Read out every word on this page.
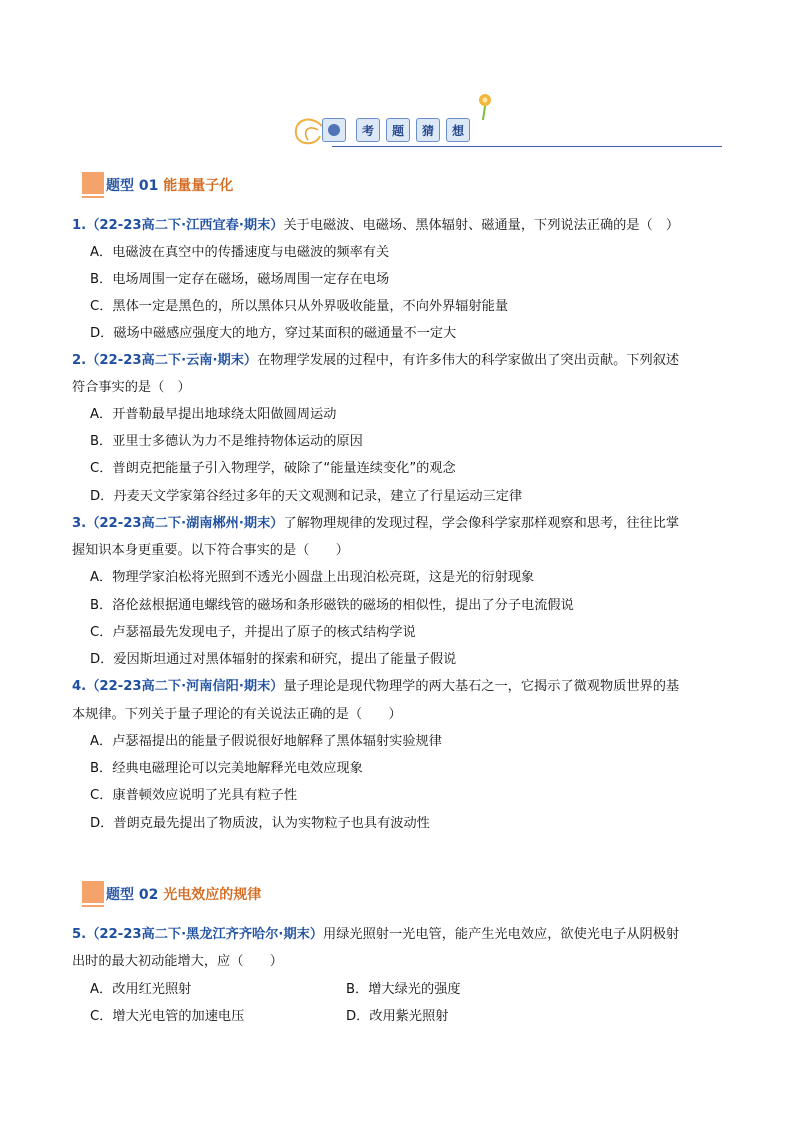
考	题	猜	想
题型 01 能量量子化
1.（22-23高二下·江西宜春·期末）关于电磁波、电磁场、黑体辐射、磁通量，下列说法正确的是（　）
A．电磁波在真空中的传播速度与电磁波的频率有关
B．电场周围一定存在磁场，磁场周围一定存在电场
C．黑体一定是黑色的，所以黑体只从外界吸收能量，不向外界辐射能量
D．磁场中磁感应强度大的地方，穿过某面积的磁通量不一定大
2.（22-23高二下·云南·期末）在物理学发展的过程中，有许多伟大的科学家做出了突出贡献。下列叙述
符合事实的是（　）
A．开普勒最早提出地球绕太阳做圆周运动
B．亚里士多德认为力不是维持物体运动的原因
C．普朗克把能量子引入物理学，破除了“能量连续变化”的观念
D．丹麦天文学家第谷经过多年的天文观测和记录，建立了行星运动三定律
3.（22-23高二下·湖南郴州·期末）了解物理规律的发现过程，学会像科学家那样观察和思考，往往比掌
握知识本身更重要。以下符合事实的是（　　）
A．物理学家泊松将光照到不透光小圆盘上出现泊松亮斑，这是光的衍射现象
B．洛伦兹根据通电螺线管的磁场和条形磁铁的磁场的相似性，提出了分子电流假说
C．卢瑟福最先发现电子，并提出了原子的核式结构学说
D．爱因斯坦通过对黑体辐射的探索和研究，提出了能量子假说
4.（22-23高二下·河南信阳·期末）量子理论是现代物理学的两大基石之一，它揭示了微观物质世界的基
本规律。下列关于量子理论的有关说法正确的是（　　）
A．卢瑟福提出的能量子假说很好地解释了黑体辐射实验规律
B．经典电磁理论可以完美地解释光电效应现象
C．康普顿效应说明了光具有粒子性
D．普朗克最先提出了物质波，认为实物粒子也具有波动性
题型 02 光电效应的规律
5.（22-23高二下·黑龙江齐齐哈尔·期末）用绿光照射一光电管，能产生光电效应，欲使光电子从阴极射
出时的最大初动能增大，应（　　）
A．改用红光照射	B．增大绿光的强度
C．增大光电管的加速电压	D．改用紫光照射
